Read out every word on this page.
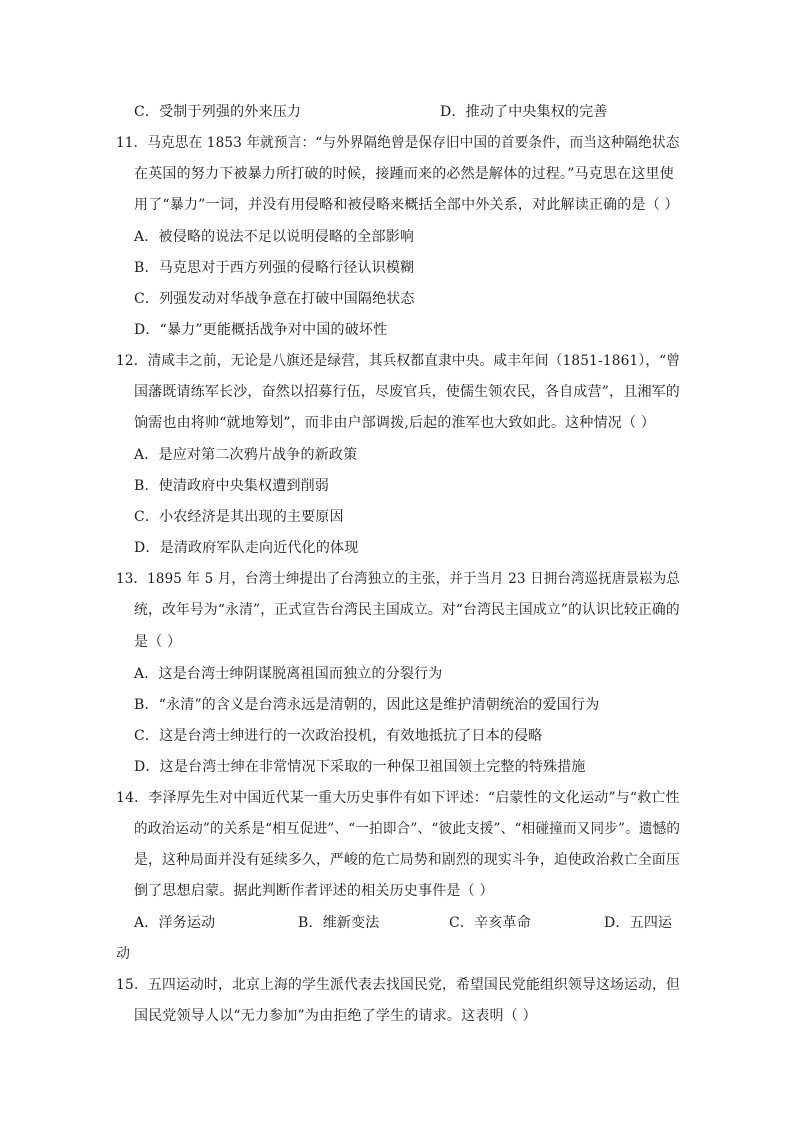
C．受制于列强的外来压力	D．推动了中央集权的完善
11．马克思在 1853 年就预言：“与外界隔绝曾是保存旧中国的首要条件，而当这种隔绝状态
在英国的努力下被暴力所打破的时候，接踵而来的必然是解体的过程。”马克思在这里使
用了“暴力”一词，并没有用侵略和被侵略来概括全部中外关系，对此解读正确的是（ ）
A．被侵略的说法不足以说明侵略的全部影响
B．马克思对于西方列强的侵略行径认识模糊
C．列强发动对华战争意在打破中国隔绝状态
D．“暴力”更能概括战争对中国的破坏性
12．清咸丰之前，无论是八旗还是绿营，其兵权都直隶中央。咸丰年间（1851-1861），“曾
国藩既请练军长沙，奋然以招募行伍，尽废官兵，使儒生领农民，各自成营”，且湘军的
饷需也由将帅“就地筹划”，而非由户部调拨,后起的淮军也大致如此。这种情况（ ）
A．是应对第二次鸦片战争的新政策
B．使清政府中央集权遭到削弱
C．小农经济是其出现的主要原因
D．是清政府军队走向近代化的体现
13．1895 年 5 月，台湾士绅提出了台湾独立的主张，并于当月 23 日拥台湾巡抚唐景崧为总
统，改年号为“永清”，正式宣告台湾民主国成立。对“台湾民主国成立”的认识比较正确的
是（ ）
A．这是台湾士绅阴谋脱离祖国而独立的分裂行为
B．“永清”的含义是台湾永远是清朝的，因此这是维护清朝统治的爱国行为
C．这是台湾士绅进行的一次政治投机，有效地抵抗了日本的侵略
D．这是台湾士绅在非常情况下采取的一种保卫祖国领土完整的特殊措施
14．李泽厚先生对中国近代某一重大历史事件有如下评述：“启蒙性的文化运动”与“救亡性
的政治运动”的关系是“相互促进”、“一拍即合”、“彼此支援”、“相碰撞而又同步”。遗憾的
是，这种局面并没有延续多久，严峻的危亡局势和剧烈的现实斗争，迫使政治救亡全面压
倒了思想启蒙。据此判断作者评述的相关历史事件是（ ）
A．洋务运动	B．维新变法	C．辛亥革命	D．五四运
动
15．五四运动时，北京上海的学生派代表去找国民党，希望国民党能组织领导这场运动，但
国民党领导人以“无力参加”为由拒绝了学生的请求。这表明（ ）
